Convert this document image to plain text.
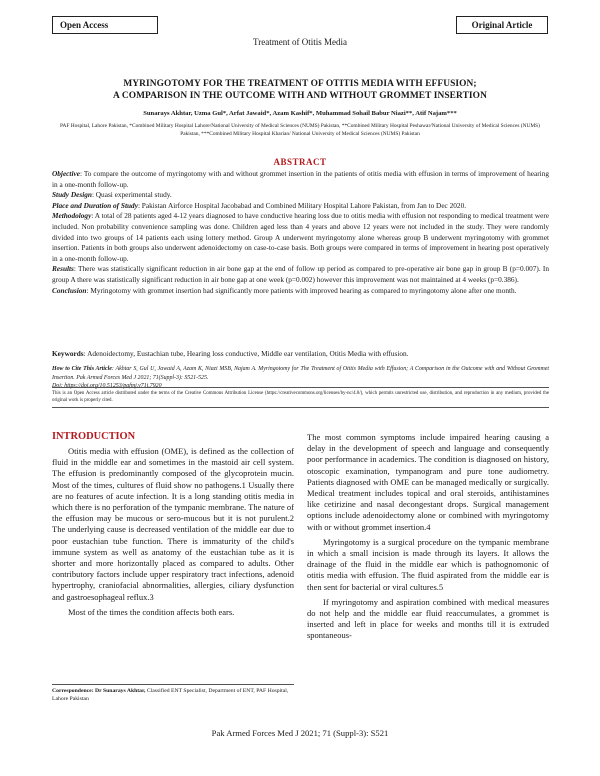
Open Access	Original Article
Treatment of Otitis Media
MYRINGOTOMY FOR THE TREATMENT OF OTITIS MEDIA WITH EFFUSION;
A COMPARISON IN THE OUTCOME WITH AND WITHOUT GROMMET INSERTION
Sunarays Akhtar, Uzma Gul*, Arfat Jawaid*, Azam Kashif*, Muhammad Sohail Babur Niazi**, Atif Najam***
PAF Hospital, Lahore Pakistan, *Combined Military Hospital Lahore/National University of Medical Sciences (NUMS) Pakistan, **Combined Military Hospital Peshawar/National University of Medical Sciences (NUMS) Pakistan, ***Combined Military Hospital Kharian/ National University of Medical Sciences (NUMS) Pakistan
ABSTRACT

Objective: To compare the outcome of myringotomy with and without grommet insertion in the patients of otitis media with effusion in terms of improvement of hearing in a one-month follow-up.

Study Design: Quasi experimental study.

Place and Duration of Study: Pakistan Airforce Hospital Jacobabad and Combined Military Hospital Lahore Pakistan, from Jan to Dec 2020.

Methodology: A total of 28 patients aged 4-12 years diagnosed to have conductive hearing loss due to otitis media with effusion not responding to medical treatment were included. Non probability convenience sampling was done. Children aged less than 4 years and above 12 years were not included in the study. They were randomly divided into two groups of 14 patients each using lottery method. Group A underwent myringotomy alone whereas group B underwent myringotomy with grommet insertion. Patients in both groups also underwent adenoidectomy on case-to-case basis. Both groups were compared in terms of improvement in hearing post operatively in a one-month follow-up.

Results: There was statistically significant reduction in air bone gap at the end of follow up period as compared to pre-operative air bone gap in group B (p=0.007). In group A there was statistically significant reduction in air bone gap at one week (p=0.002) however this improvement was not maintained at 4 weeks (p=0.386).

Conclusion: Myringotomy with grommet insertion had significantly more patients with improved hearing as compared to myringotomy alone after one month.

Keywords: Adenoidectomy, Eustachian tube, Hearing loss conductive, Middle ear ventilation, Otitis Media with effusion.
How to Cite This Article: Akhtar S, Gul U, Jawaid A, Azam K, Niazi MSB, Najam A. Myringotomy for The Treatment of Otitis Media with Effusion; A Comparison in the Outcome with and Without Grommet Insertion. Pak Armed Forces Med J 2021; 71(Suppl-3): S521-525.
Doi: https://doi.org/10.51253/pafmj.v71i.7920
This is an Open Access article distributed under the terms of the Creative Commons Attribution License (https://creativecommons.org/licenses/by-nc/4.0/), which permits unrestricted use, distribution, and reproduction in any medium, provided the original work is properly cited.
INTRODUCTION

Otitis media with effusion (OME), is defined as the collection of fluid in the middle ear and sometimes in the mastoid air cell system. The effusion is predominantly composed of the glycoprotein mucin. Most of the times, cultures of fluid show no pathogens.1 Usually there are no features of acute infection. It is a long standing otitis media in which there is no perforation of the tympanic membrane. The nature of the effusion may be mucous or sero-mucous but it is not purulent.2 The underlying cause is decreased ventilation of the middle ear due to poor eustachian tube function. There is immaturity of the child's immune system as well as anatomy of the eustachian tube as it is shorter and more horizontally placed as compared to adults. Other contributory factors include upper respiratory tract infections, adenoid hypertrophy, craniofacial abnormalities, allergies, ciliary dysfunction and gastroesophageal reflux.3

Most of the times the condition affects both ears.

The most common symptoms include impaired hearing causing a delay in the development of speech and language and consequently poor performance in academics. The condition is diagnosed on history, otoscopic examination, tympanogram and pure tone audiometry. Patients diagnosed with OME can be managed medically or surgically. Medical treatment includes topical and oral steroids, antihistamines like cetirizine and nasal decongestant drops. Surgical management options include adenoidectomy alone or combined with myringotomy with or without grommet insertion.4

Myringotomy is a surgical procedure on the tympanic membrane in which a small incision is made through its layers. It allows the drainage of the fluid in the middle ear which is pathognomonic of otitis media with effusion. The fluid aspirated from the middle ear is then sent for bacterial or viral cultures.5

If myringotomy and aspiration combined with medical measures do not help and the middle ear fluid reaccumulates, a grommet is inserted and left in place for weeks and months till it is extruded spontaneous-

Correspondence: Dr Sunarays Akhtar, Classified ENT Specialist, Department of ENT, PAF Hospital, Lahore Pakistan
Pak Armed Forces Med J 2021; 71 (Suppl-3): S521
